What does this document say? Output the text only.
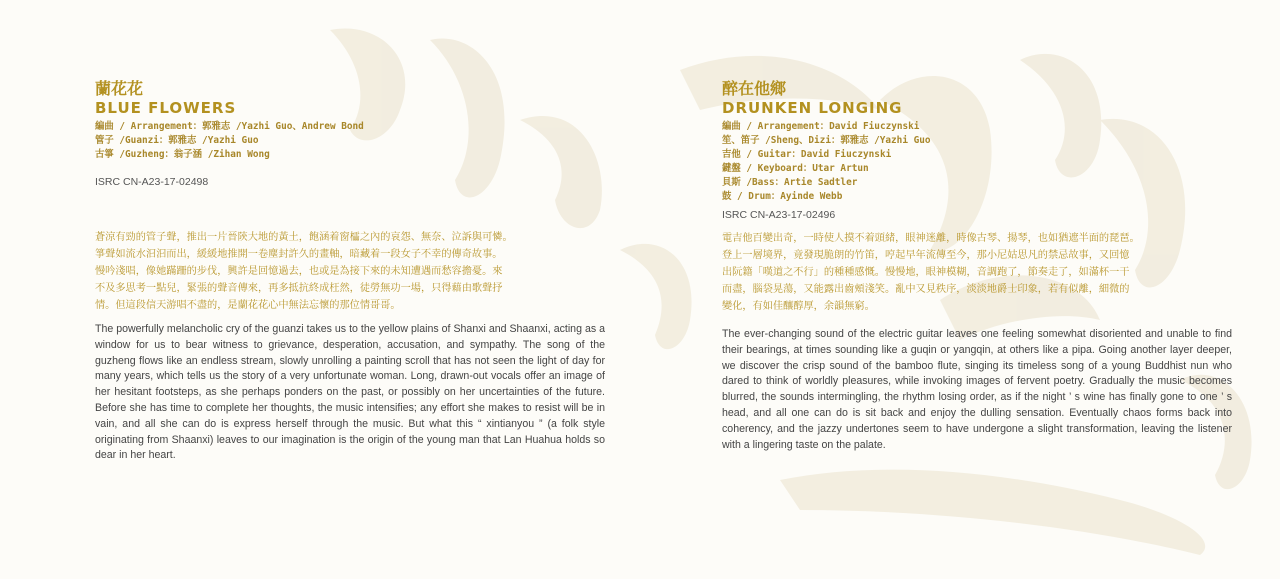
蘭花花
BLUE FLOWERS
編曲 / Arrangement：郭雅志 /Yazhi Guo、Andrew Bond
管子 /Guanzi：郭雅志 /Yazhi Guo
古箏 /Guzheng：翁子涵 /Zihan Wong
ISRC CN-A23-17-02498
蒼涼有勁的管子聲，推出一片晉陝大地的黃土，飽涵着窗櫺之內的哀怨、無奈、泣訴與可憐。
箏聲如流水汩汩而出，緩緩地推開一卷塵封許久的畫軸，暗藏着一段女子不幸的傳奇故事。
慢吟淺唱，像她蹣跚的步伐，興許是回憶過去，也或是為接下來的未知遭遇而愁容擔憂。來
不及多思考一點兒，緊張的聲音傳來，再多抵抗終成枉然，徒勞無功一場，只得藉由歌聲抒
情。但這段信天游唱不盡的，是蘭花花心中無法忘懷的那位情哥哥。
The powerfully melancholic cry of the guanzi takes us to the yellow plains of Shanxi and Shaanxi, acting as a window for us to bear witness to grievance, desperation, accusation, and sympathy. The song of the guzheng flows like an endless stream, slowly unrolling a painting scroll that has not seen the light of day for many years, which tells us the story of a very unfortunate woman. Long, drawn-out vocals offer an image of her hesitant footsteps, as she perhaps ponders on the past, or possibly on her uncertainties of the future. Before she has time to complete her thoughts, the music intensifies; any effort she makes to resist will be in vain, and all she can do is express herself through the music. But what this “ xintianyou ” (a folk style originating from Shaanxi) leaves to our imagination is the origin of the young man that Lan Huahua holds so dear in her heart.
醉在他鄉
DRUNKEN LONGING
編曲 / Arrangement：David Fiuczynski
笙、笛子 /Sheng、Dizi：郭雅志 /Yazhi Guo
吉他 / Guitar：David Fiuczynski
鍵盤 / Keyboard：Utar Artun
貝斯 /Bass：Artie Sadtler
鼓 / Drum：Ayinde Webb
ISRC CN-A23-17-02496
電吉他百變出奇，一時使人摸不着頭緒，眼神迷離，時像古琴、揚琴，也如猶遮半面的琵琶。
登上一層境界，竟發現脆朗的竹笛，哼起早年流傳至今，那小尼姑思凡的禁忌故事，又回憶
出阮籍「嘆道之不行」的種種感慨。慢慢地，眼神模糊，音調跑了，節奏走了，如滿杯一干
而盡，腦袋晃蕩，又能露出齒頰淺笑。亂中又見秩序，淡淡地爵士印象，若有似離，細微的
變化，有如佳釀醇厚，余韻無窮。
The ever-changing sound of the electric guitar leaves one feeling somewhat disoriented and unable to find their bearings, at times sounding like a guqin or yangqin, at others like a pipa. Going another layer deeper, we discover the crisp sound of the bamboo flute, singing its timeless song of a young Buddhist nun who dared to think of worldly pleasures, while invoking images of fervent poetry. Gradually the music becomes blurred, the sounds intermingling, the rhythm losing order, as if the night ’ s wine has finally gone to one ’ s head, and all one can do is sit back and enjoy the dulling sensation. Eventually chaos forms back into coherency, and the jazzy undertones seem to have undergone a slight transformation, leaving the listener with a lingering taste on the palate.
